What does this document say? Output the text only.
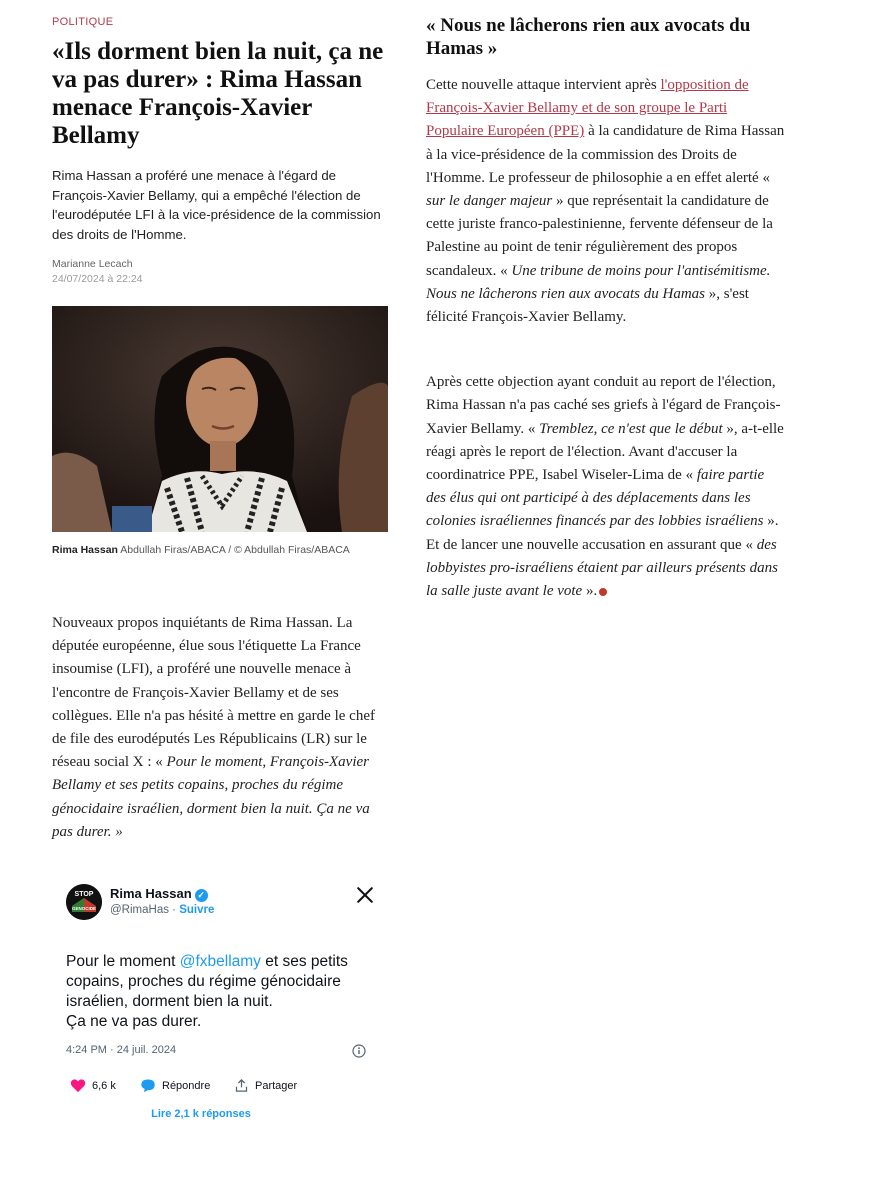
POLITIQUE
«Ils dorment bien la nuit, ça ne va pas durer» : Rima Hassan menace François-Xavier Bellamy

Rima Hassan a proféré une menace à l'égard de François-Xavier Bellamy, qui a empêché l'élection de l'eurodéputée LFI à la vice-présidence de la commission des droits de l'Homme.

Marianne Lecach
24/07/2024 à 22:24
Rima Hassan Abdullah Firas/ABACA / © Abdullah Firas/ABACA

Nouveaux propos inquiétants de Rima Hassan. La députée européenne, élue sous l'étiquette La France insoumise (LFI), a proféré une nouvelle menace à l'encontre de François-Xavier Bellamy et de ses collègues. Elle n'a pas hésité à mettre en garde le chef de file des eurodéputés Les Républicains (LR) sur le réseau social X : « Pour le moment, François-Xavier Bellamy et ses petits copains, proches du régime génocidaire israélien, dorment bien la nuit. Ça ne va pas durer. »

STOP
GENOCIDE
Rima Hassan ✓
@RimaHas · Suivre

Pour le moment @fxbellamy et ses petits copains, proches du régime génocidaire israélien, dorment bien la nuit.
Ça ne va pas durer.

4:24 PM · 24 juil. 2024
6,6 k	Répondre	Partager
Lire 2,1 k réponses
« Nous ne lâcherons rien aux avocats du Hamas »

Cette nouvelle attaque intervient après l'opposition de François-Xavier Bellamy et de son groupe le Parti Populaire Européen (PPE) à la candidature de Rima Hassan à la vice-présidence de la commission des Droits de l'Homme. Le professeur de philosophie a en effet alerté « sur le danger majeur » que représentait la candidature de cette juriste franco-palestinienne, fervente défenseur de la Palestine au point de tenir régulièrement des propos scandaleux. « Une tribune de moins pour l'antisémitisme. Nous ne lâcherons rien aux avocats du Hamas », s'est félicité François-Xavier Bellamy.

Après cette objection ayant conduit au report de l'élection, Rima Hassan n'a pas caché ses griefs à l'égard de François-Xavier Bellamy. « Tremblez, ce n'est que le début », a-t-elle réagi après le report de l'élection. Avant d'accuser la coordinatrice PPE, Isabel Wiseler-Lima de « faire partie des élus qui ont participé à des déplacements dans les colonies israéliennes financés par des lobbies israéliens ». Et de lancer une nouvelle accusation en assurant que « des lobbyistes pro-israéliens étaient par ailleurs présents dans la salle juste avant le vote ».
